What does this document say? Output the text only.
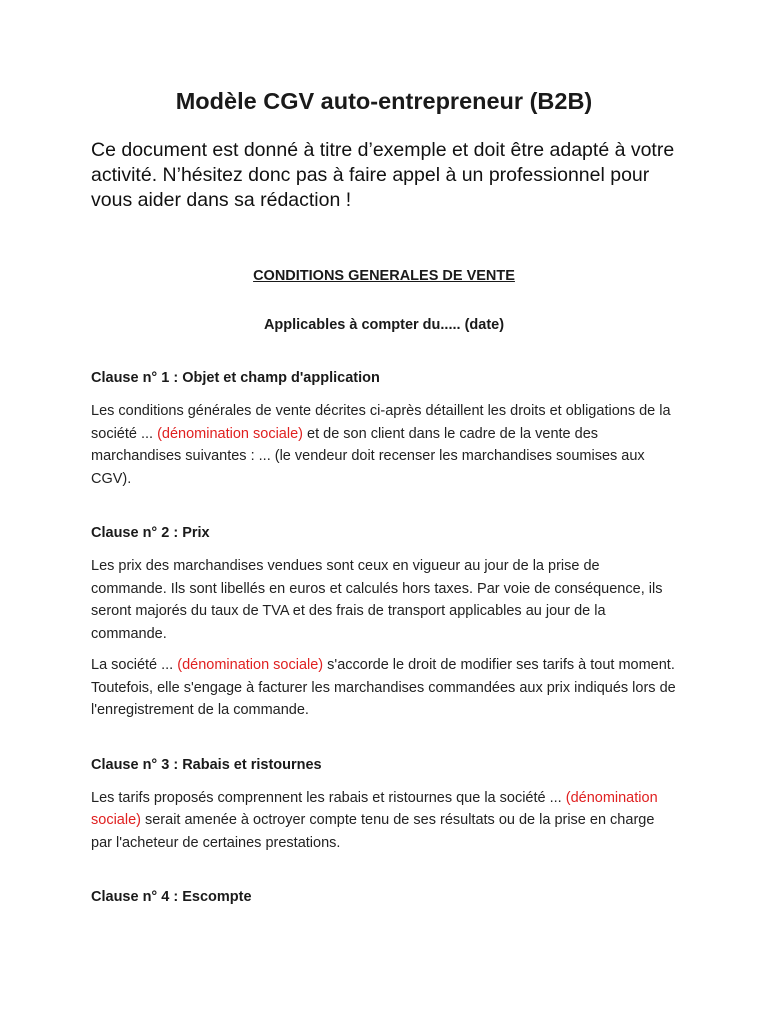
Modèle CGV auto-entrepreneur (B2B)

Ce document est donné à titre d’exemple et doit être adapté à votre activité. N’hésitez donc pas à faire appel à un professionnel pour vous aider dans sa rédaction !

CONDITIONS GENERALES DE VENTE

Applicables à compter du..... (date)

Clause n° 1 : Objet et champ d'application

Les conditions générales de vente décrites ci-après détaillent les droits et obligations de la société ... (dénomination sociale) et de son client dans le cadre de la vente des marchandises suivantes : ... (le vendeur doit recenser les marchandises soumises aux CGV).

Clause n° 2 : Prix

Les prix des marchandises vendues sont ceux en vigueur au jour de la prise de commande. Ils sont libellés en euros et calculés hors taxes. Par voie de conséquence, ils seront majorés du taux de TVA et des frais de transport applicables au jour de la commande.

La société ... (dénomination sociale) s'accorde le droit de modifier ses tarifs à tout moment. Toutefois, elle s'engage à facturer les marchandises commandées aux prix indiqués lors de l'enregistrement de la commande.

Clause n° 3 : Rabais et ristournes

Les tarifs proposés comprennent les rabais et ristournes que la société ... (dénomination sociale) serait amenée à octroyer compte tenu de ses résultats ou de la prise en charge par l'acheteur de certaines prestations.

Clause n° 4 : Escompte
